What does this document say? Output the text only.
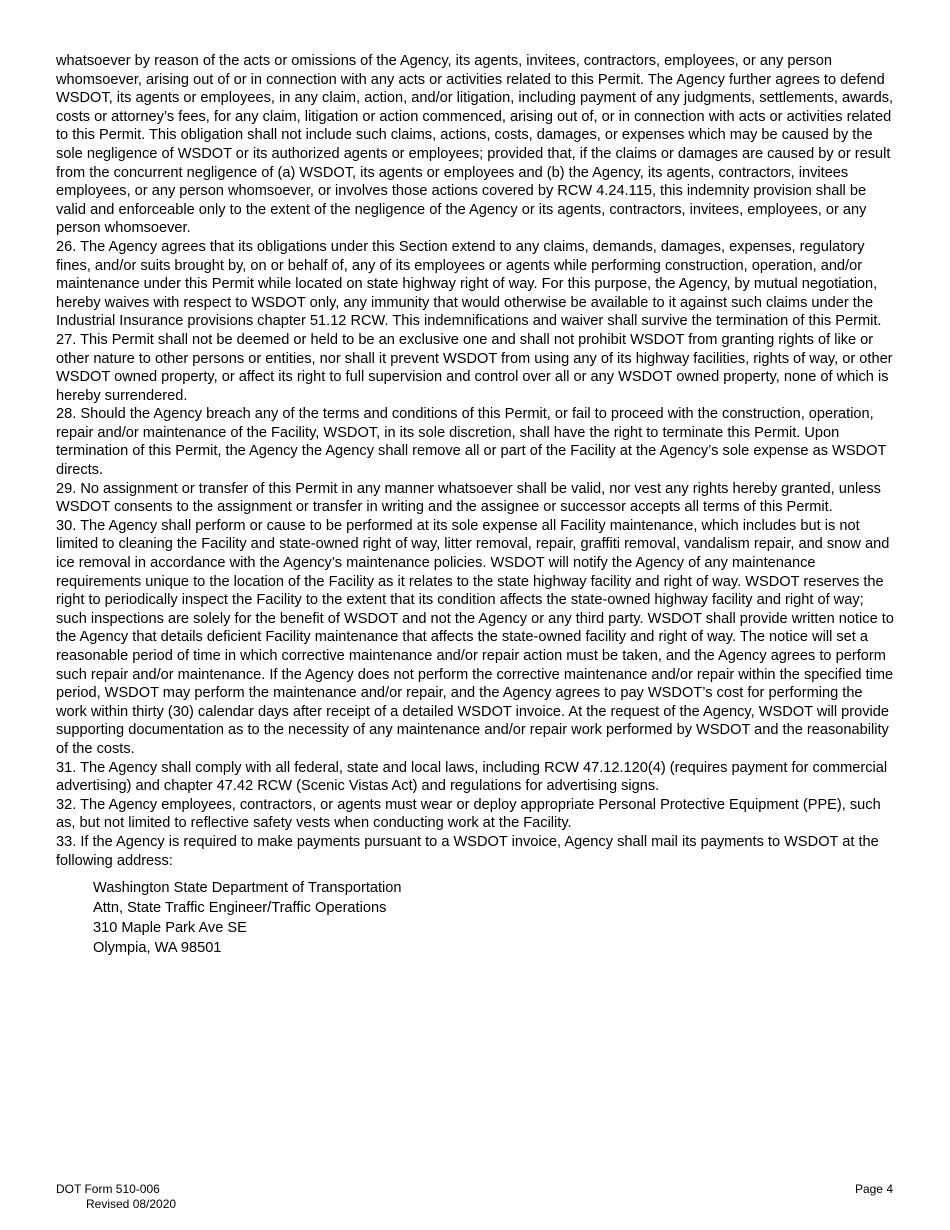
whatsoever by reason of the acts or omissions of the Agency, its agents, invitees, contractors, employees, or any person whomsoever, arising out of or in connection with any acts or activities related to this Permit. The Agency further agrees to defend WSDOT, its agents or employees, in any claim, action, and/or litigation, including payment of any judgments, settlements, awards, costs or attorney’s fees, for any claim, litigation or action commenced, arising out of, or in connection with acts or activities related to this Permit. This obligation shall not include such claims, actions, costs, damages, or expenses which may be caused by the sole negligence of WSDOT or its authorized agents or employees; provided that, if the claims or damages are caused by or result from the concurrent negligence of (a) WSDOT, its agents or employees and (b) the Agency, its agents, contractors, invitees employees, or any person whomsoever, or involves those actions covered by RCW 4.24.115, this indemnity provision shall be valid and enforceable only to the extent of the negligence of the Agency or its agents, contractors, invitees, employees, or any person whomsoever.

26. The Agency agrees that its obligations under this Section extend to any claims, demands, damages, expenses, regulatory fines, and/or suits brought by, on or behalf of, any of its employees or agents while performing construction, operation, and/or maintenance under this Permit while located on state highway right of way. For this purpose, the Agency, by mutual negotiation, hereby waives with respect to WSDOT only, any immunity that would otherwise be available to it against such claims under the Industrial Insurance provisions chapter 51.12 RCW. This indemnifications and waiver shall survive the termination of this Permit.

27. This Permit shall not be deemed or held to be an exclusive one and shall not prohibit WSDOT from granting rights of like or other nature to other persons or entities, nor shall it prevent WSDOT from using any of its highway facilities, rights of way, or other WSDOT owned property, or affect its right to full supervision and control over all or any WSDOT owned property, none of which is hereby surrendered.

28. Should the Agency breach any of the terms and conditions of this Permit, or fail to proceed with the construction, operation, repair and/or maintenance of the Facility, WSDOT, in its sole discretion, shall have the right to terminate this Permit. Upon termination of this Permit, the Agency the Agency shall remove all or part of the Facility at the Agency’s sole expense as WSDOT directs.

29. No assignment or transfer of this Permit in any manner whatsoever shall be valid, nor vest any rights hereby granted, unless WSDOT consents to the assignment or transfer in writing and the assignee or successor accepts all terms of this Permit.

30. The Agency shall perform or cause to be performed at its sole expense all Facility maintenance, which includes but is not limited to cleaning the Facility and state-owned right of way, litter removal, repair, graffiti removal, vandalism repair, and snow and ice removal in accordance with the Agency’s maintenance policies. WSDOT will notify the Agency of any maintenance requirements unique to the location of the Facility as it relates to the state highway facility and right of way. WSDOT reserves the right to periodically inspect the Facility to the extent that its condition affects the state-owned highway facility and right of way; such inspections are solely for the benefit of WSDOT and not the Agency or any third party. WSDOT shall provide written notice to the Agency that details deficient Facility maintenance that affects the state-owned facility and right of way. The notice will set a reasonable period of time in which corrective maintenance and/or repair action must be taken, and the Agency agrees to perform such repair and/or maintenance. If the Agency does not perform the corrective maintenance and/or repair within the specified time period, WSDOT may perform the maintenance and/or repair, and the Agency agrees to pay WSDOT’s cost for performing the work within thirty (30) calendar days after receipt of a detailed WSDOT invoice. At the request of the Agency, WSDOT will provide supporting documentation as to the necessity of any maintenance and/or repair work performed by WSDOT and the reasonability of the costs.

31. The Agency shall comply with all federal, state and local laws, including RCW 47.12.120(4) (requires payment for commercial advertising) and chapter 47.42 RCW (Scenic Vistas Act) and regulations for advertising signs.

32. The Agency employees, contractors, or agents must wear or deploy appropriate Personal Protective Equipment (PPE), such as, but not limited to reflective safety vests when conducting work at the Facility.

33. If the Agency is required to make payments pursuant to a WSDOT invoice, Agency shall mail its payments to WSDOT at the following address:

Washington State Department of Transportation
Attn, State Traffic Engineer/Traffic Operations
310 Maple Park Ave SE
Olympia, WA 98501
DOT Form 510-006
Revised 08/2020
Page 4
